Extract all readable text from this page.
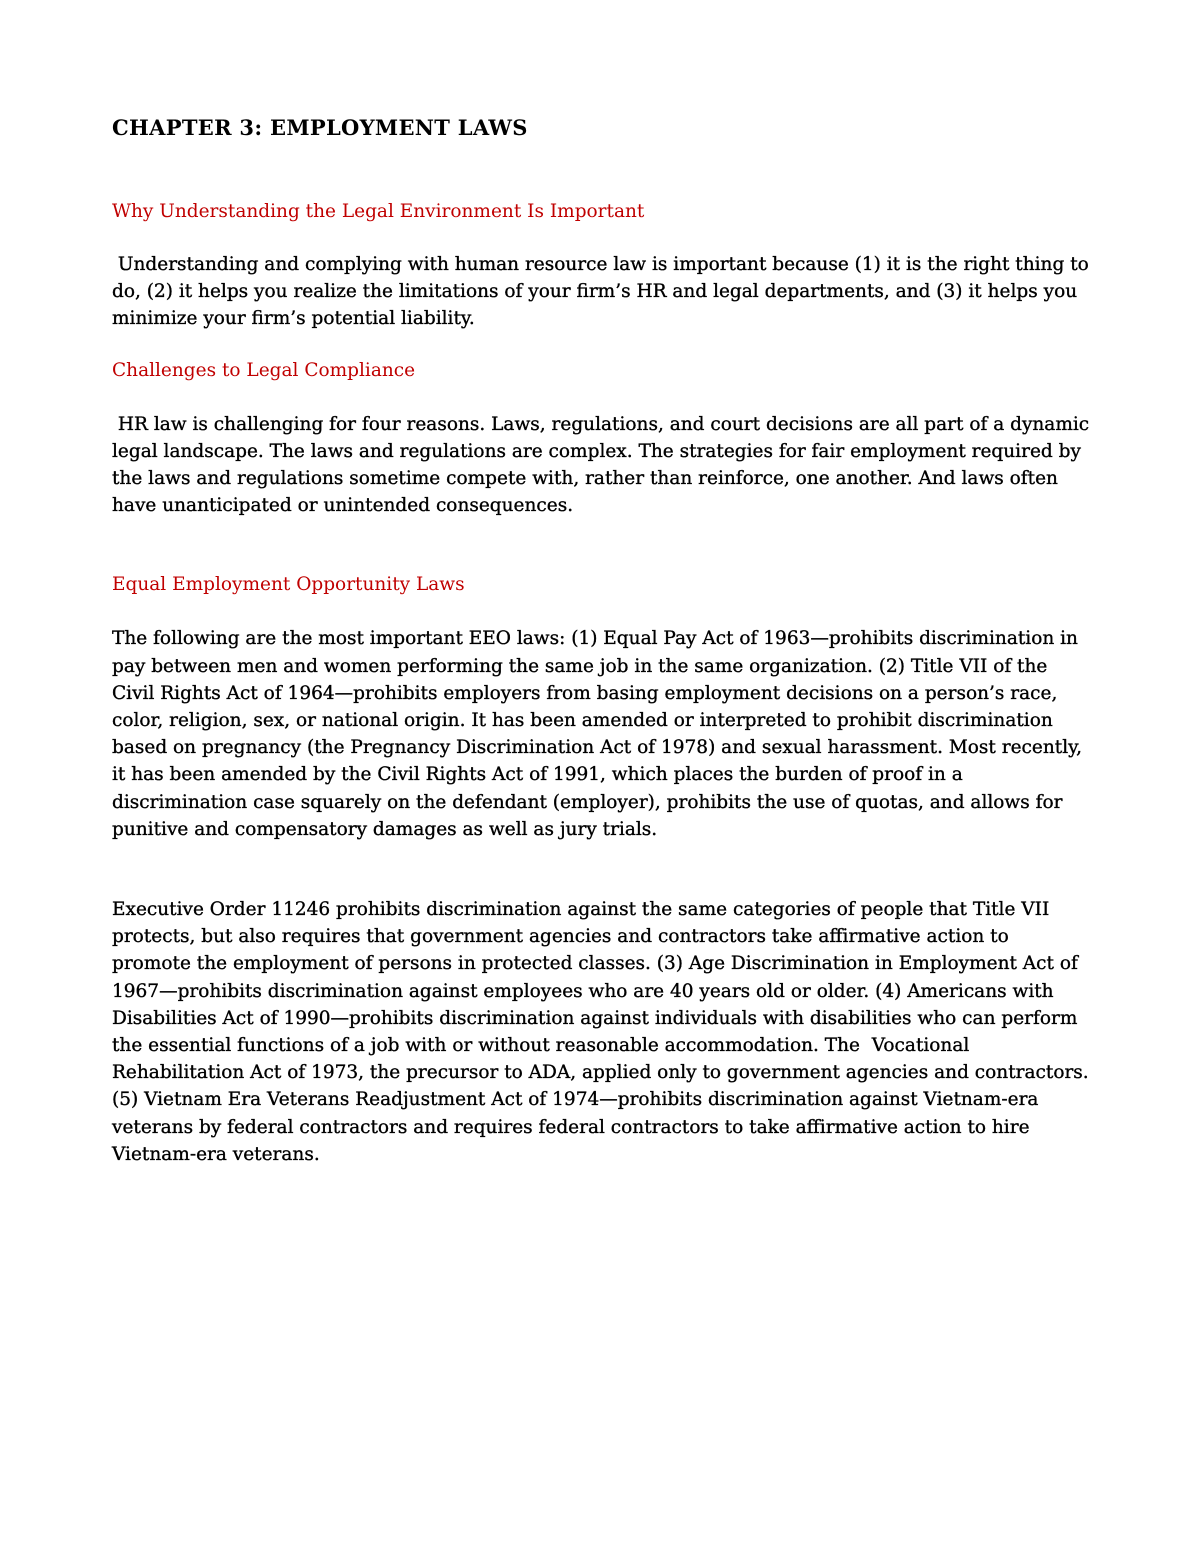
CHAPTER 3: EMPLOYMENT LAWS
Why Understanding the Legal Environment Is Important

Understanding and complying with human resource law is important because (1) it is the right thing to do, (2) it helps you realize the limitations of your firm’s HR and legal departments, and (3) it helps you minimize your firm’s potential liability.

Challenges to Legal Compliance

HR law is challenging for four reasons. Laws, regulations, and court decisions are all part of a dynamic legal landscape. The laws and regulations are complex. The strategies for fair employment required by the laws and regulations sometime compete with, rather than reinforce, one another. And laws often have unanticipated or unintended consequences.

Equal Employment Opportunity Laws

The following are the most important EEO laws: (1) Equal Pay Act of 1963—prohibits discrimination in pay between men and women performing the same job in the same organization. (2) Title VII of the Civil Rights Act of 1964—prohibits employers from basing employment decisions on a person’s race, color, religion, sex, or national origin. It has been amended or interpreted to prohibit discrimination based on pregnancy (the Pregnancy Discrimination Act of 1978) and sexual harassment. Most recently, it has been amended by the Civil Rights Act of 1991, which places the burden of proof in a discrimination case squarely on the defendant (employer), prohibits the use of quotas, and allows for punitive and compensatory damages as well as jury trials.

Executive Order 11246 prohibits discrimination against the same categories of people that Title VII protects, but also requires that government agencies and contractors take affirmative action to promote the employment of persons in protected classes. (3) Age Discrimination in Employment Act of 1967—prohibits discrimination against employees who are 40 years old or older. (4) Americans with Disabilities Act of 1990—prohibits discrimination against individuals with disabilities who can perform the essential functions of a job with or without reasonable accommodation. The  Vocational Rehabilitation Act of 1973, the precursor to ADA, applied only to government agencies and contractors. (5) Vietnam Era Veterans Readjustment Act of 1974—prohibits discrimination against Vietnam-era veterans by federal contractors and requires federal contractors to take affirmative action to hire Vietnam-era veterans.
